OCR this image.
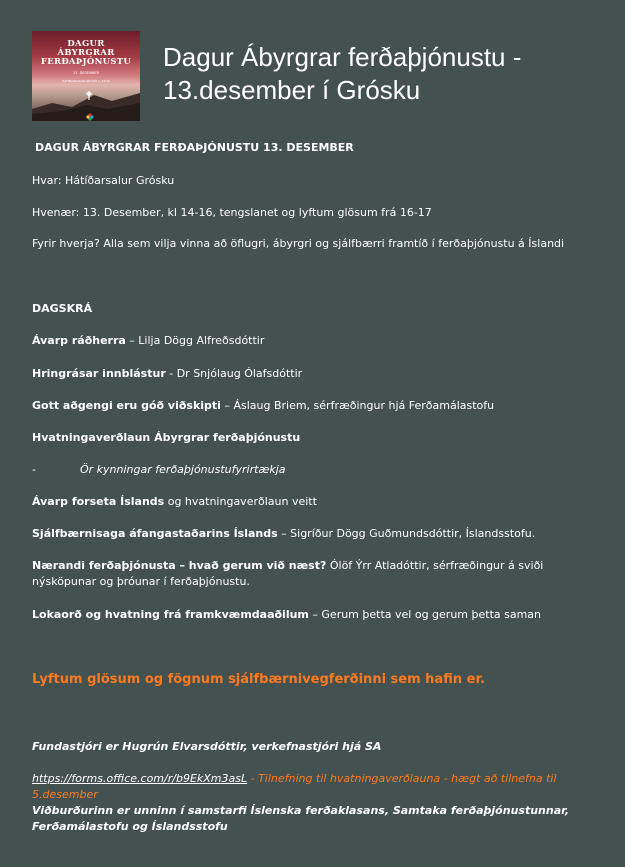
DAGUR
ÁBYRGRAR
FERÐAÞJÓNUSTU
13. DESEMBER
HÁTÍÐARSALUR GRÓSKU | 14:00
Dagur Ábyrgrar ferðaþjónustu - 13.desember í Grósku

DAGUR ÁBYRGRAR FERÐAÞJÓNUSTU 13. DESEMBER

Hvar: Hátíðarsalur Grósku

Hvenær: 13. Desember, kl 14-16, tengslanet og lyftum glösum frá 16-17

Fyrir hverja? Alla sem vilja vinna að öflugri, ábyrgri og sjálfbærri framtíð í ferðaþjónustu á Íslandi

DAGSKRÁ

Ávarp ráðherra – Lilja Dögg Alfreðsdóttir

Hringrásar innblástur - Dr Snjólaug Ólafsdóttir

Gott aðgengi eru góð viðskipti – Áslaug Briem, sérfræðingur hjá Ferðamálastofu

Hvatningaverðlaun Ábyrgrar ferðaþjónustu

-	Ör kynningar ferðaþjónustufyrirtækja

Ávarp forseta Íslands og hvatningaverðlaun veitt

Sjálfbærnisaga áfangastaðarins Íslands – Sigríður Dögg Guðmundsdóttir, Íslandsstofu.

Nærandi ferðaþjónusta – hvað gerum við næst? Ólöf Ýrr Atladóttir, sérfræðingur á sviði nýsköpunar og þróunar í ferðaþjónustu.

Lokaorð og hvatning frá framkvæmdaaðilum – Gerum þetta vel og gerum þetta saman

Lyftum glösum og fögnum sjálfbærnivegferðinni sem hafin er.

Fundastjóri er Hugrún Elvarsdóttir, verkefnastjóri hjá SA

https://forms.office.com/r/b9EkXm3asL - Tilnefning til hvatningaverðlauna - hægt að tilnefna til 5.desember

Viðburðurinn er unninn í samstarfi Íslenska ferðaklasans, Samtaka ferðaþjónustunnar, Ferðamálastofu og Íslandsstofu
